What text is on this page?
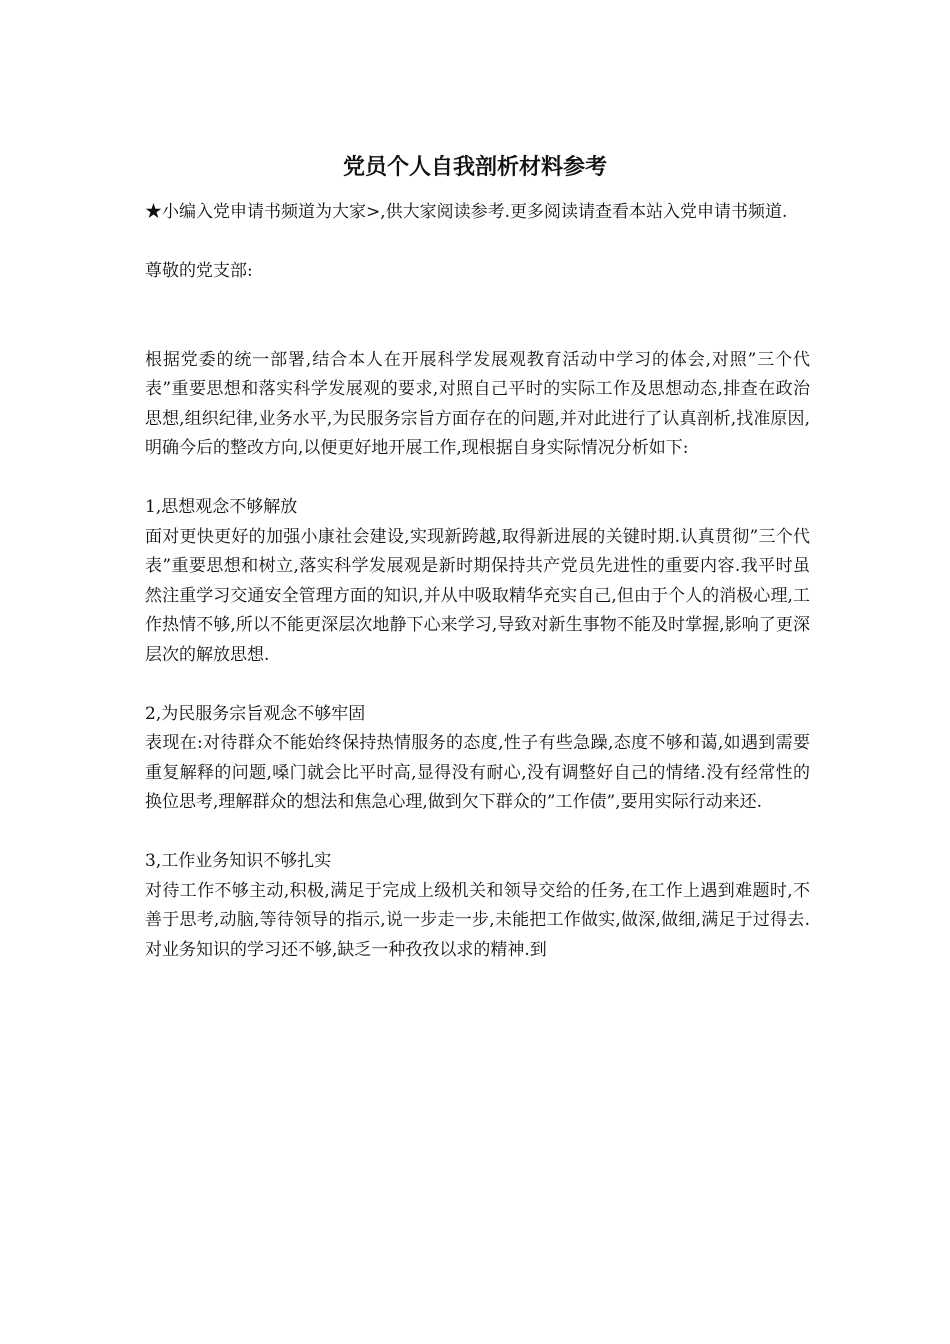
党员个人自我剖析材料参考

★小编入党申请书频道为大家>,供大家阅读参考.更多阅读请查看本站入党申请书频道.

尊敬的党支部:

根据党委的统一部署,结合本人在开展科学发展观教育活动中学习的体会,对照”三个代表”重要思想和落实科学发展观的要求,对照自己平时的实际工作及思想动态,排查在政治思想,组织纪律,业务水平,为民服务宗旨方面存在的问题,并对此进行了认真剖析,找准原因,明确今后的整改方向,以便更好地开展工作,现根据自身实际情况分析如下:

1,思想观念不够解放

面对更快更好的加强小康社会建设,实现新跨越,取得新进展的关键时期.认真贯彻”三个代表”重要思想和树立,落实科学发展观是新时期保持共产党员先进性的重要内容.我平时虽然注重学习交通安全管理方面的知识,并从中吸取精华充实自己,但由于个人的消极心理,工作热情不够,所以不能更深层次地静下心来学习,导致对新生事物不能及时掌握,影响了更深层次的解放思想.

2,为民服务宗旨观念不够牢固

表现在:对待群众不能始终保持热情服务的态度,性子有些急躁,态度不够和蔼,如遇到需要重复解释的问题,嗓门就会比平时高,显得没有耐心,没有调整好自己的情绪.没有经常性的换位思考,理解群众的想法和焦急心理,做到欠下群众的”工作债”,要用实际行动来还.

3,工作业务知识不够扎实

对待工作不够主动,积极,满足于完成上级机关和领导交给的任务,在工作上遇到难题时,不善于思考,动脑,等待领导的指示,说一步走一步,未能把工作做实,做深,做细,满足于过得去.对业务知识的学习还不够,缺乏一种孜孜以求的精神.到
